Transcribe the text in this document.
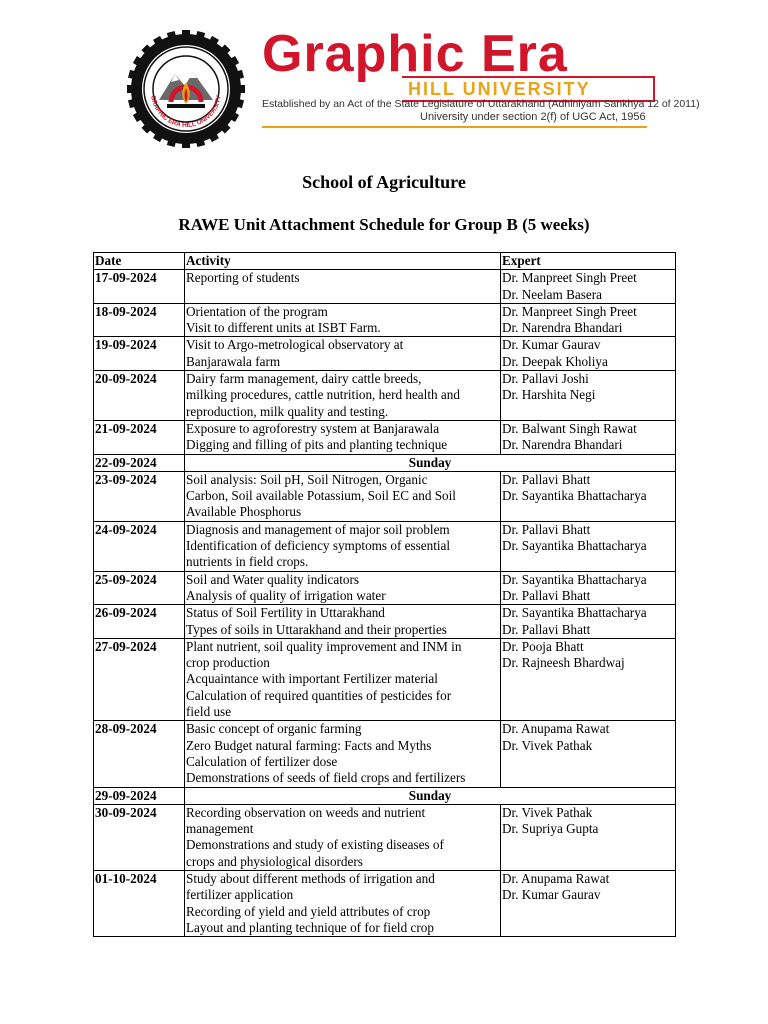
GRAPHIC ERA HILL UNIVERSITY
Graphic Era
HILL UNIVERSITY
Established by an Act of the State Legislature of Uttarakhand (Adhiniyam Sankhya 12 of 2011)
University under section 2(f) of UGC Act, 1956
School of Agriculture
RAWE Unit Attachment Schedule for Group B (5 weeks)
Date	Activity	Expert
17-09-2024	Reporting of students	Dr. Manpreet Singh Preet
Dr. Neelam Basera

18-09-2024	Orientation of the program
Visit to different units at ISBT Farm.	Dr. Manpreet Singh Preet
Dr. Narendra Bhandari

19-09-2024	Visit to Argo-metrological observatory at
Banjarawala farm	Dr. Kumar Gaurav
Dr. Deepak Kholiya

20-09-2024	Dairy farm management, dairy cattle breeds,
milking procedures, cattle nutrition, herd health and
reproduction, milk quality and testing.	Dr. Pallavi Joshi
Dr. Harshita Negi

21-09-2024	Exposure to agroforestry system at Banjarawala
Digging and filling of pits and planting technique	Dr. Balwant Singh Rawat
Dr. Narendra Bhandari

22-09-2024	Sunday	
23-09-2024	Soil analysis: Soil pH, Soil Nitrogen, Organic
Carbon, Soil available Potassium, Soil EC and Soil
Available Phosphorus	Dr. Pallavi Bhatt
Dr. Sayantika Bhattacharya

24-09-2024	Diagnosis and management of major soil problem
Identification of deficiency symptoms of essential
nutrients in field crops.	Dr. Pallavi Bhatt
Dr. Sayantika Bhattacharya

25-09-2024	Soil and Water quality indicators
Analysis of quality of irrigation water	Dr. Sayantika Bhattacharya
Dr. Pallavi Bhatt

26-09-2024	Status of Soil Fertility in Uttarakhand
Types of soils in Uttarakhand and their properties	Dr. Sayantika Bhattacharya
Dr. Pallavi Bhatt

27-09-2024	Plant nutrient, soil quality improvement and INM in
crop production
Acquaintance with important Fertilizer material
Calculation of required quantities of pesticides for
field use	Dr. Pooja Bhatt
Dr. Rajneesh Bhardwaj

28-09-2024	Basic concept of organic farming
Zero Budget natural farming: Facts and Myths
Calculation of fertilizer dose
Demonstrations of seeds of field crops and fertilizers	Dr. Anupama Rawat
Dr. Vivek Pathak

29-09-2024	Sunday	
30-09-2024	Recording observation on weeds and nutrient
management
Demonstrations and study of existing diseases of
crops and physiological disorders	Dr. Vivek Pathak
Dr. Supriya Gupta

01-10-2024	Study about different methods of irrigation and
fertilizer application
Recording of yield and yield attributes of crop
Layout and planting technique of for field crop	Dr. Anupama Rawat
Dr. Kumar Gaurav
